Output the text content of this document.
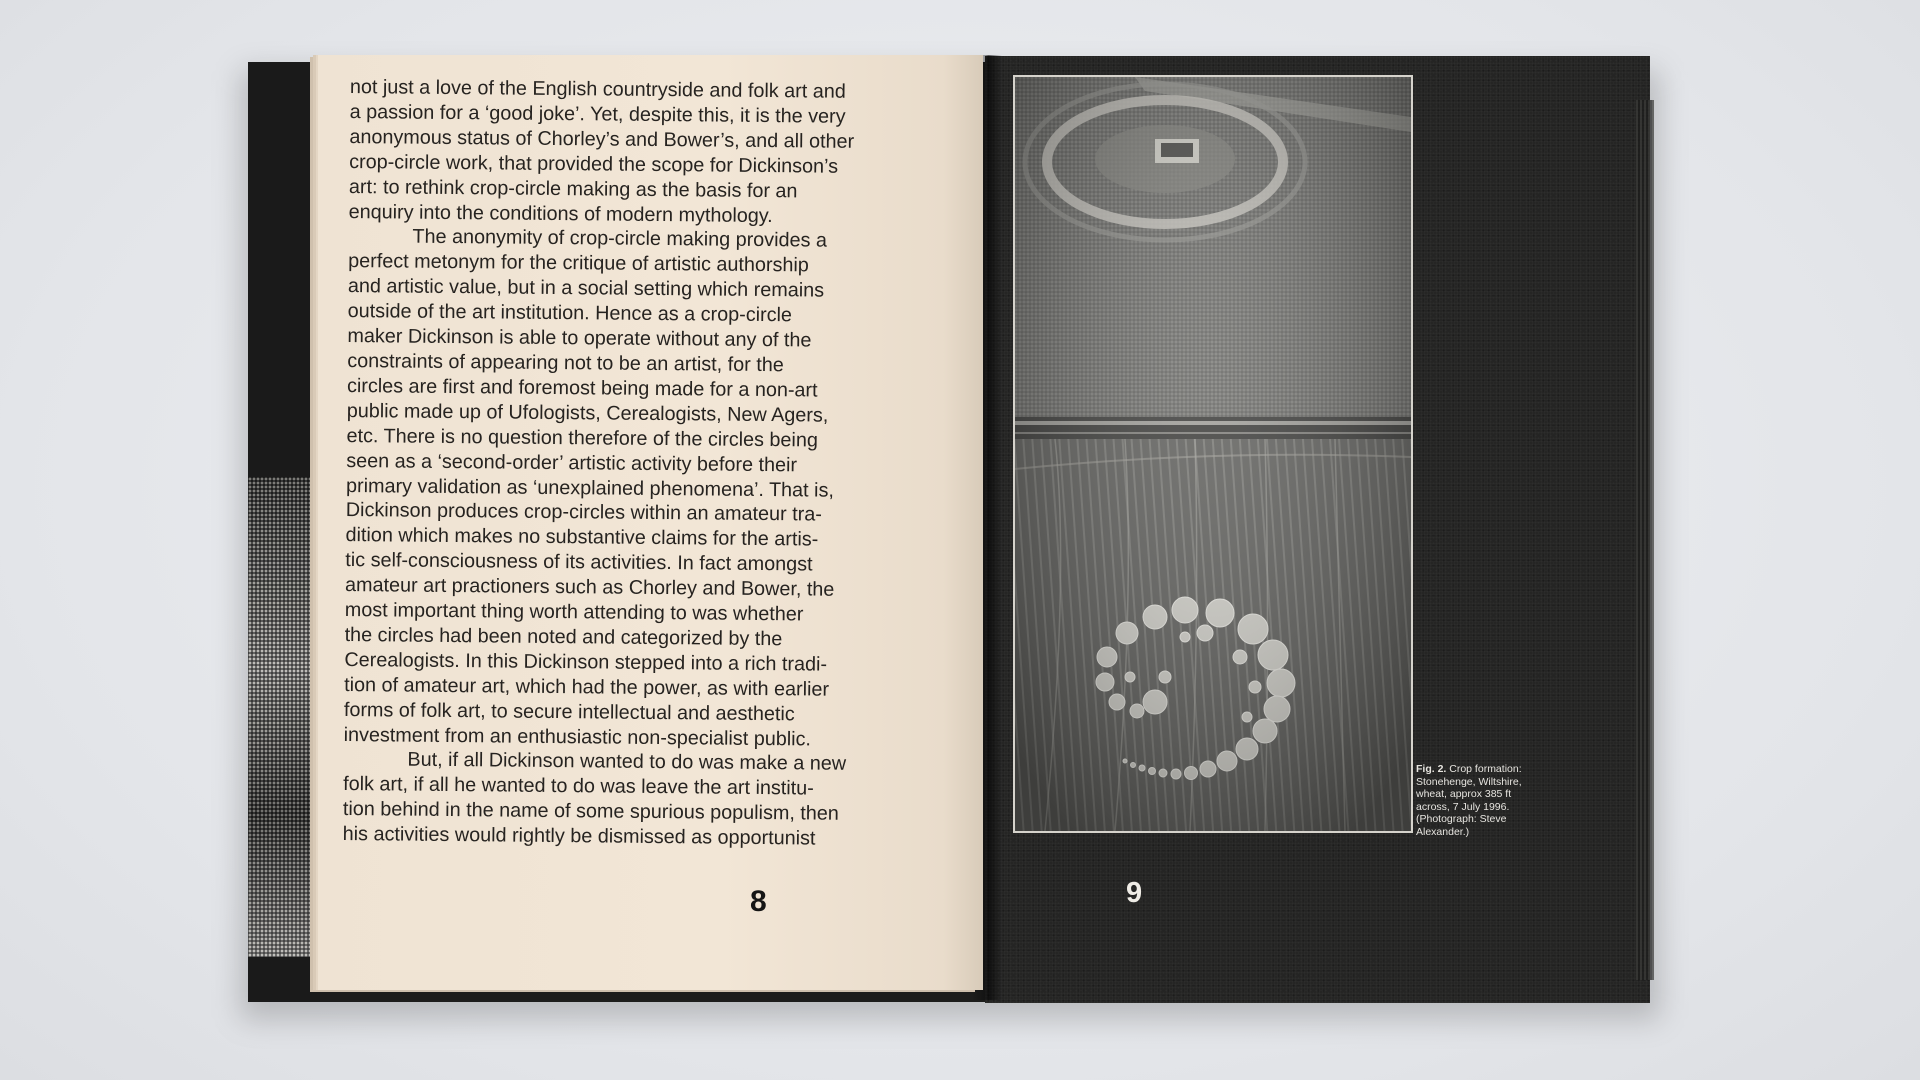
Fig. 2. Crop formation: Stonehenge, Wiltshire, wheat, approx 385 ft across, 7 July 1996. (Photograph: Steve Alexander.)
9
not just a love of the English countryside and folk art and
a passion for a ‘good joke’. Yet, despite this, it is the very
anonymous status of Chorley’s and Bower’s, and all other
crop-circle work, that provided the scope for Dickinson’s
art: to rethink crop-circle making as the basis for an
enquiry into the conditions of modern mythology.
The anonymity of crop-circle making provides a
perfect metonym for the critique of artistic authorship
and artistic value, but in a social setting which remains
outside of the art institution. Hence as a crop-circle
maker Dickinson is able to operate without any of the
constraints of appearing not to be an artist, for the
circles are first and foremost being made for a non-art
public made up of Ufologists, Cerealogists, New Agers,
etc. There is no question therefore of the circles being
seen as a ‘second-order’ artistic activity before their
primary validation as ‘unexplained phenomena’. That is,
Dickinson produces crop-circles within an amateur tra-
dition which makes no substantive claims for the artis-
tic self-consciousness of its activities. In fact amongst
amateur art practioners such as Chorley and Bower, the
most important thing worth attending to was whether
the circles had been noted and categorized by the
Cerealogists. In this Dickinson stepped into a rich tradi-
tion of amateur art, which had the power, as with earlier
forms of folk art, to secure intellectual and aesthetic
investment from an enthusiastic non-specialist public.
But, if all Dickinson wanted to do was make a new
folk art, if all he wanted to do was leave the art institu-
tion behind in the name of some spurious populism, then
his activities would rightly be dismissed as opportunist
8
